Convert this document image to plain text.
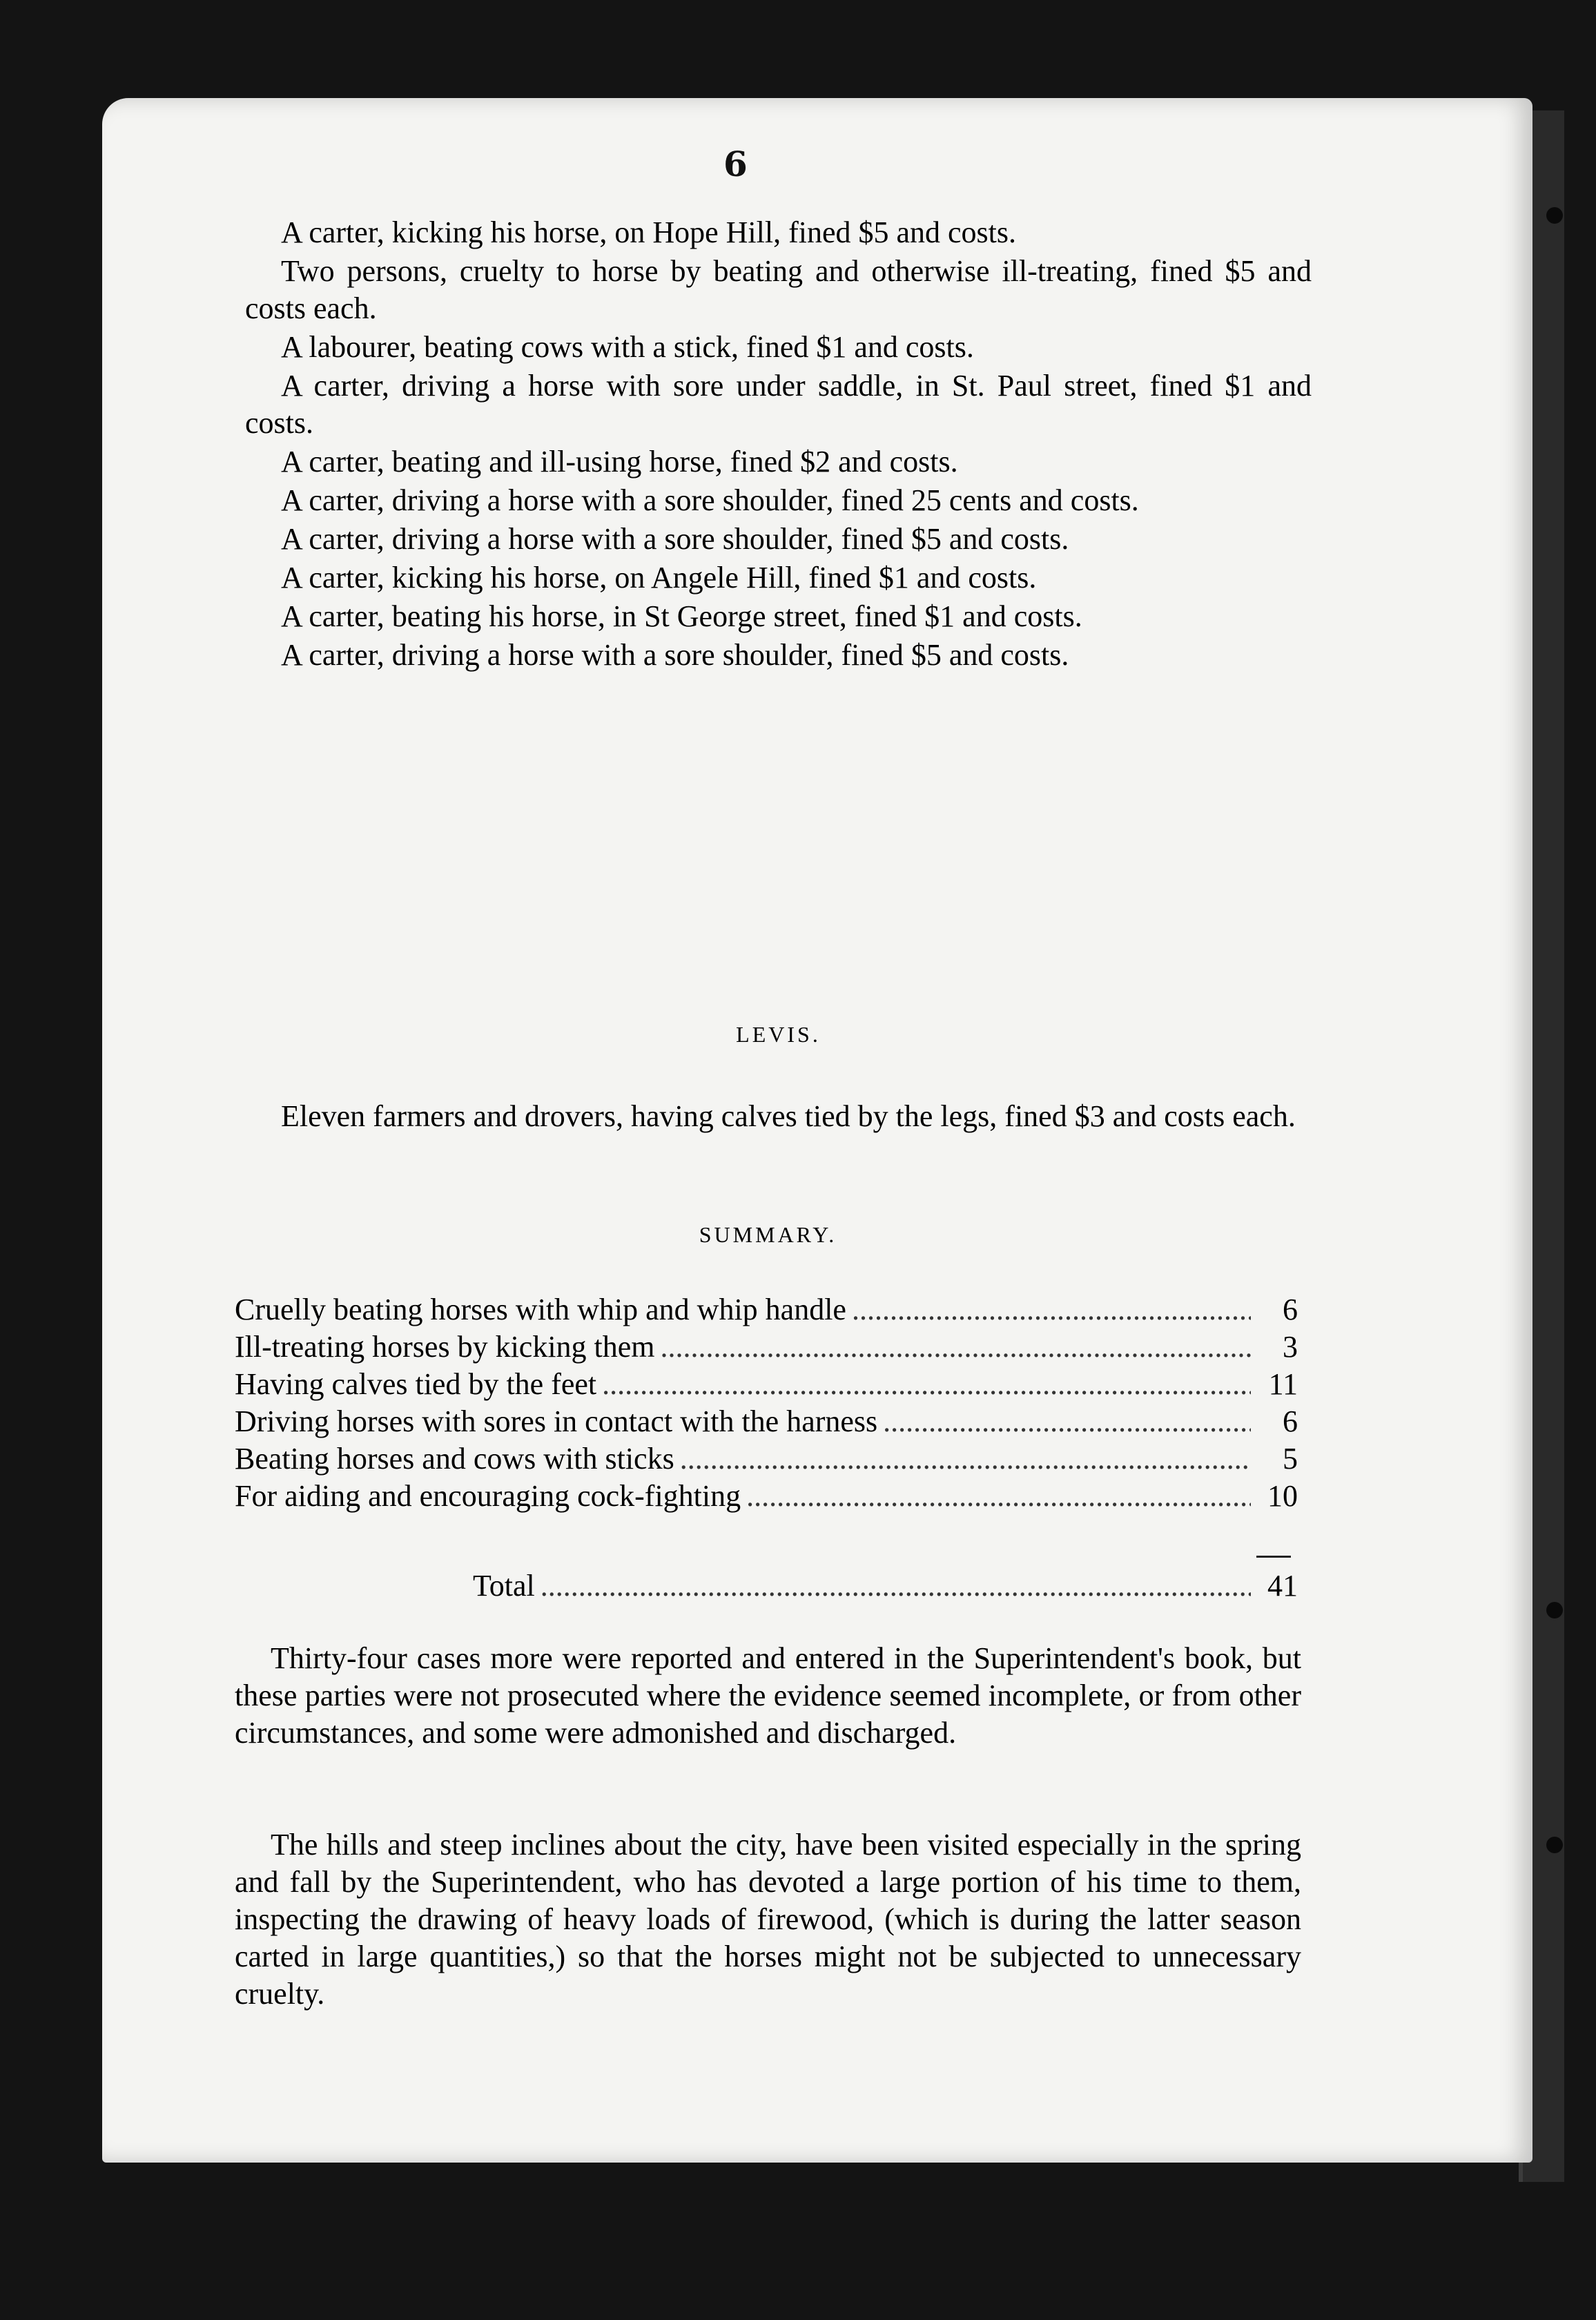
6

A carter, kicking his horse, on Hope Hill, fined $5 and costs.

Two persons, cruelty to horse by beating and otherwise ill-treating, fined $5 and costs each.

A labourer, beating cows with a stick, fined $1 and costs.

A carter, driving a horse with sore under saddle, in St. Paul street, fined $1 and costs.

A carter, beating and ill-using horse, fined $2 and costs.

A carter, driving a horse with a sore shoulder, fined 25 cents and costs.

A carter, driving a horse with a sore shoulder, fined $5 and costs.

A carter, kicking his horse, on Angele Hill, fined $1 and costs.

A carter, beating his horse, in St George street, fined $1 and costs.

A carter, driving a horse with a sore shoulder, fined $5 and costs.

LEVIS.

Eleven farmers and drovers, having calves tied by the legs, fined $3 and costs each.

SUMMARY.
Cruelly beating horses with whip and whip handle .....	6
Ill-treating horses by kicking them .....	3
Having calves tied by the feet .....	11
Driving horses with sores in contact with the harness .....	6
Beating horses and cows with sticks .....	5
For aiding and encouraging cock-fighting .....	10
Total .....	41

Thirty-four cases more were reported and entered in the Superintendent's book, but these parties were not prosecuted where the evidence seemed incomplete, or from other circumstances, and some were admonished and discharged.

The hills and steep inclines about the city, have been visited especially in the spring and fall by the Superintendent, who has devoted a large portion of his time to them, inspecting the drawing of heavy loads of firewood, (which is during the latter season carted in large quantities,) so that the horses might not be subjected to unnecessary cruelty.
